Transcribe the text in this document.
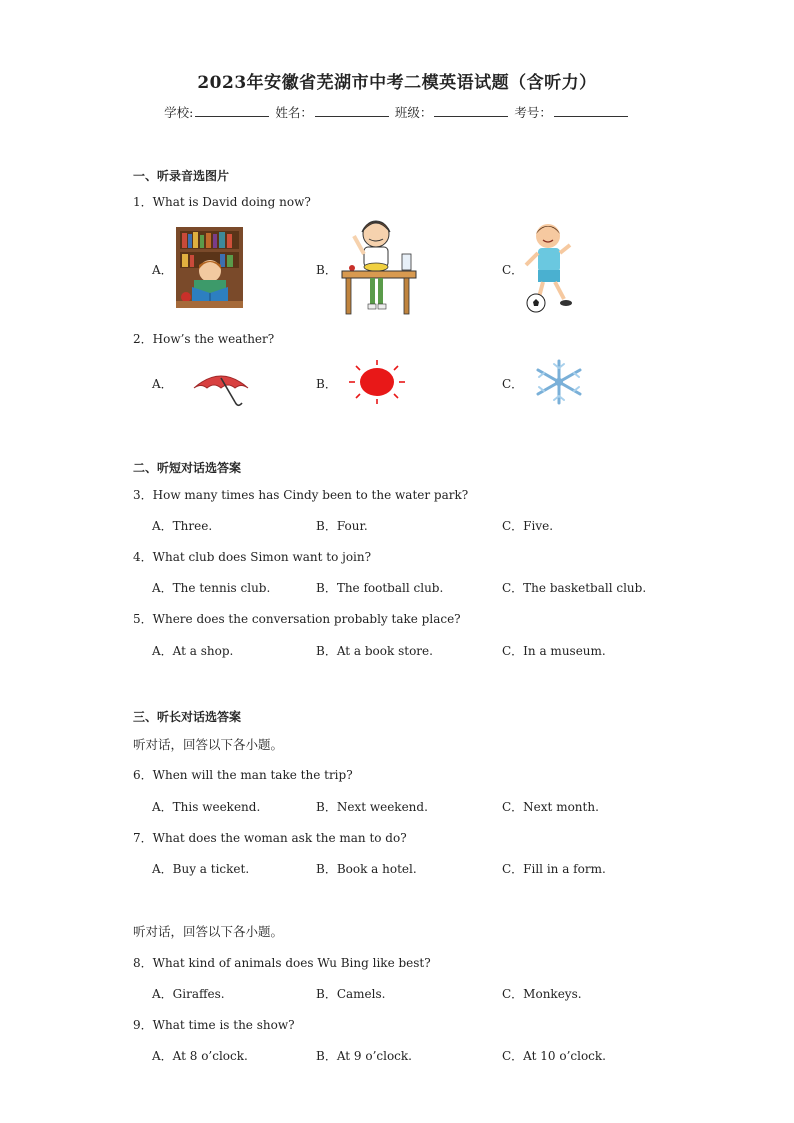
2023年安徽省芜湖市中考二模英语试题（含听力）
学校:	姓名：	班级：	考号：
一、听录音选图片
1．What is David doing now?
A．	B．	C．
2．How’s the weather?
A．	B．	C．
二、听短对话选答案
3．How many times has Cindy been to the water park?
A．Three.	B．Four.	C．Five.
4．What club does Simon want to join?
A．The tennis club.	B．The football club.	C．The basketball club.
5．Where does the conversation probably take place?
A．At a shop.	B．At a book store.	C．In a museum.
三、听长对话选答案
听对话，回答以下各小题。
6．When will the man take the trip?
A．This weekend.	B．Next weekend.	C．Next month.
7．What does the woman ask the man to do?
A．Buy a ticket.	B．Book a hotel.	C．Fill in a form.
听对话，回答以下各小题。
8．What kind of animals does Wu Bing like best?
A．Giraffes.	B．Camels.	C．Monkeys.
9．What time is the show?
A．At 8 o’clock.	B．At 9 o’clock.	C．At 10 o’clock.
